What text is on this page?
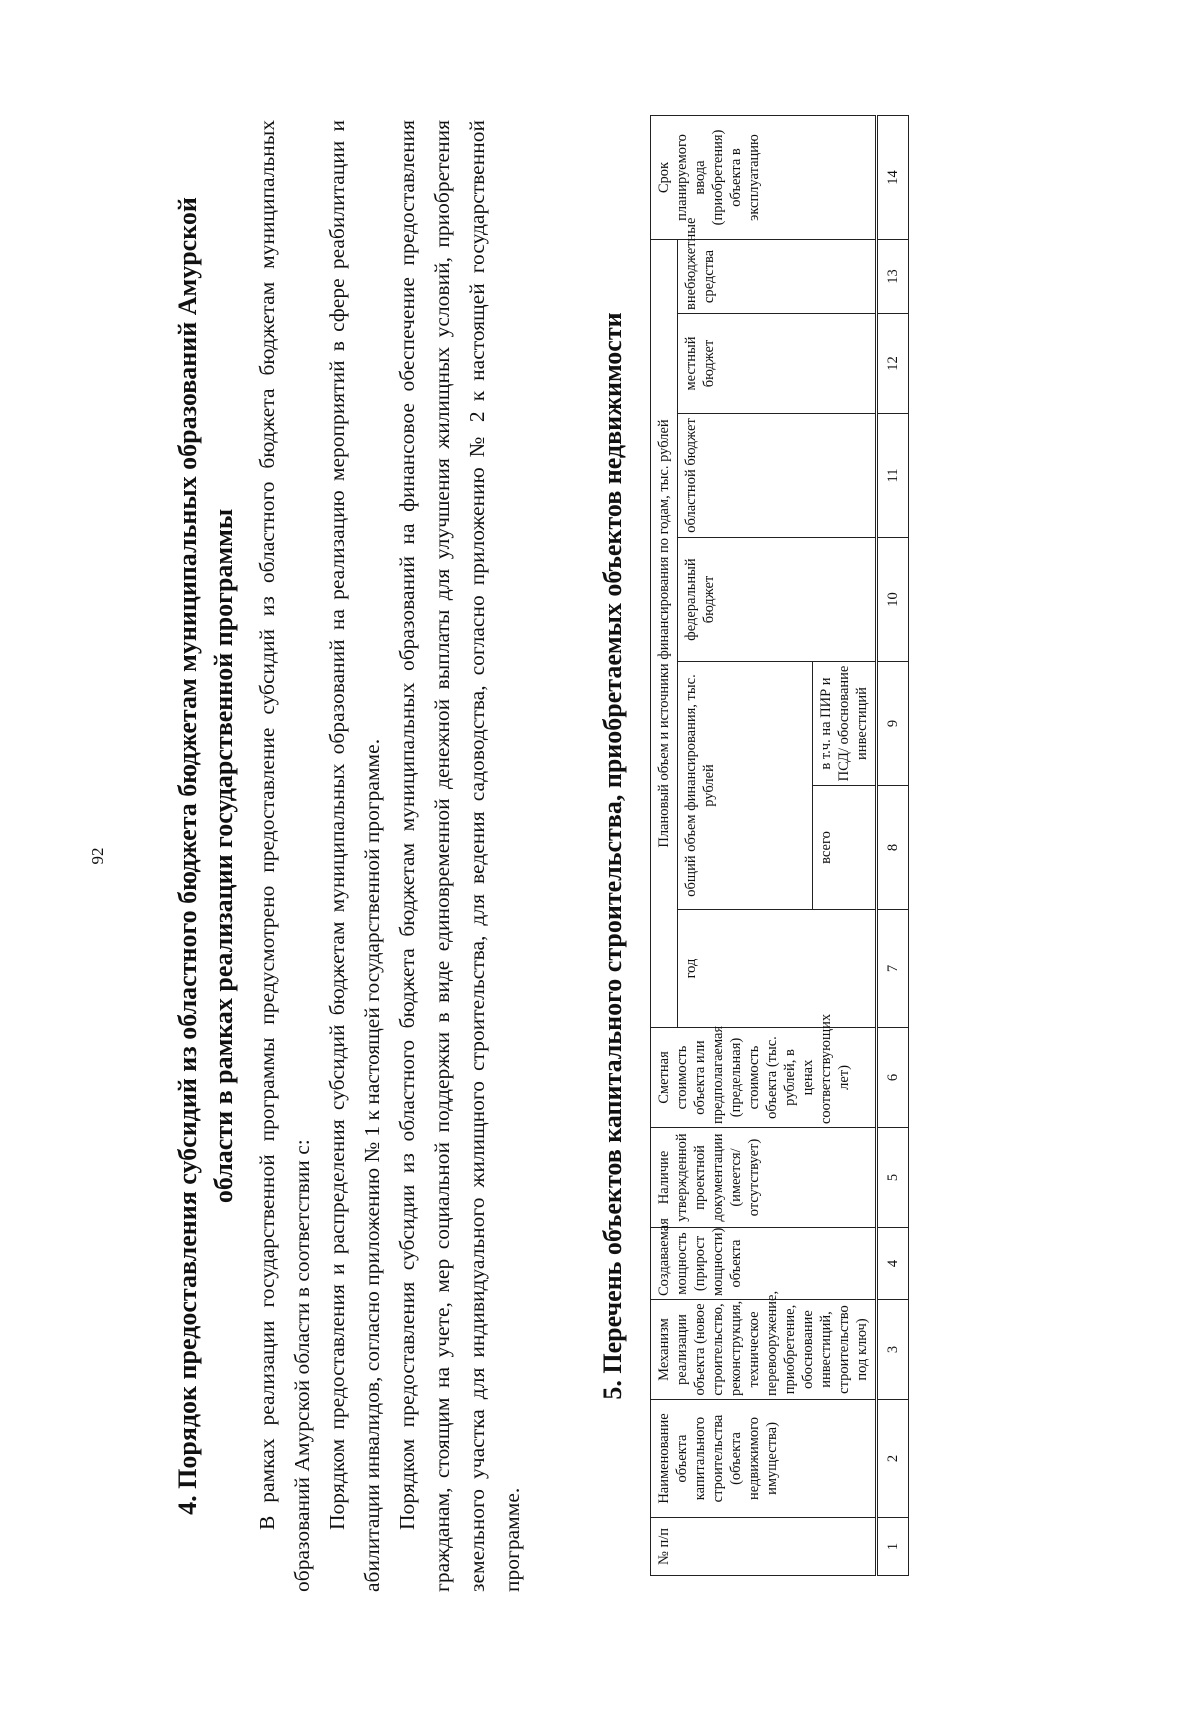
92	4. Порядок предоставления субсидий из областного бюджета бюджетам муниципальных образований Амурской области в рамках реализации государственной программы В рамках реализации государственной программы предусмотрено предоставление субсидий из областного бюджета бюджетам муниципальных образований Амурской области в соответствии с: Порядком предоставления и распределения субсидий бюджетам муниципальных образований на реализацию мероприятий в сфере реабилитации и абилитации инвалидов, согласно приложению № 1 к настоящей государственной программе. Порядком предоставления субсидии из областного бюджета бюджетам муниципальных образований на финансовое обеспечение предоставления гражданам, стоящим на учете, мер социальной поддержки в виде единовременной денежной выплаты для улучшения жилищных условий, приобретения земельного участка для индивидуального жилищного строительства, для ведения садоводства, согласно приложению № 2 к настоящей государственной программе.

5. Перечень объектов капитального строительства, приобретаемых объектов недвижимости
№ п/п	Наименование объекта капитального строительства (объекта недвижимого имущества)	Механизм реализации объекта (новое строительство, реконструкция, техническое перевооружение, приобретение, обоснование инвестиций, строительство под ключ)	Создаваемая мощность (прирост мощности) объекта	Наличие утвержденной проектной документации (имеется/отсутствует)	Сметная стоимость объекта или предполагаемая (предельная) стоимость объекта (тыс. рублей, в ценах соответствующих лет)	Плановый объем и источники финансирования по годам, тыс. рублей							Срок планируемого ввода (приобретения) объекта в эксплуатацию
						год	общий объем финансирования, тыс. рублей		федеральный бюджет	областной бюджет	местный бюджет	внебюджетные средства	
							всего	в т.ч. на ПИР и ПСД/ обоснование инвестиций					
1	2	3	4	5	6	7	8	9	10	11	12	13	14
